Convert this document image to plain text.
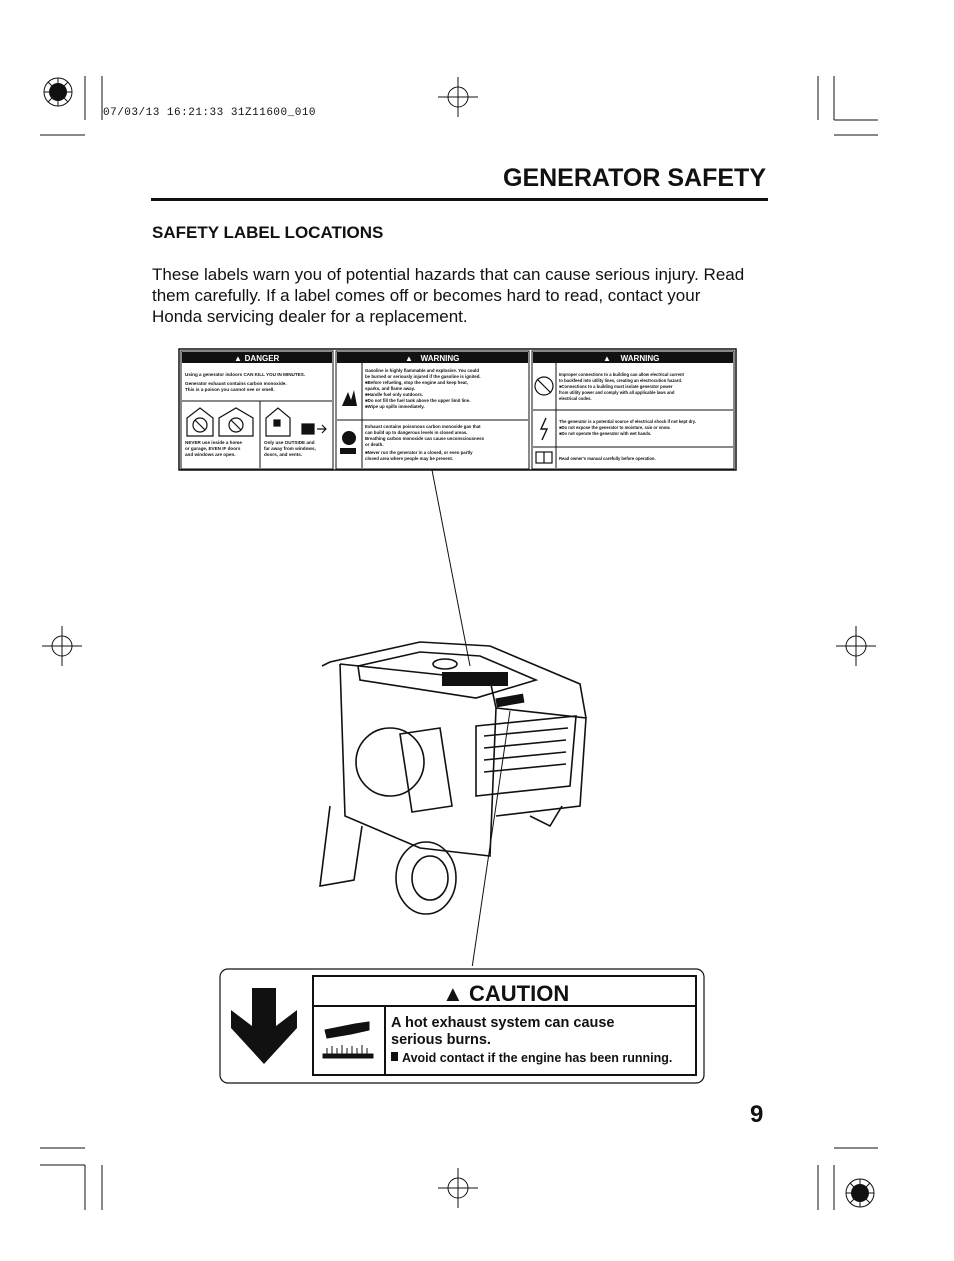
07/03/13 16:21:33 31Z11600_010
GENERATOR SAFETY
SAFETY LABEL LOCATIONS
These labels warn you of potential hazards that can cause serious injury. Read them carefully. If a label comes off or becomes hard to read, contact your Honda servicing dealer for a replacement.
DANGER
▲
Using a generator indoors CAN KILL YOU IN MINUTES.
Generator exhaust contains carbon monoxide.
This is a poison you cannot see or smell.
NEVER use inside a home
or garage, EVEN IF doors
and windows are open.
Only use OUTSIDE and
far away from windows,
doors, and vents.
▲ WARNING
Gasoline is highly flammable and explosive. You could
be burned or seriously injured if the gasoline is ignited.
■Before refueling, stop the engine and keep heat,
sparks, and flame away.
■Handle fuel only outdoors.
■Do not fill the fuel tank above the upper limit line.
■Wipe up spills immediately.
Exhaust contains poisonous carbon monoxide gas that
can build up to dangerous levels in closed areas.
Breathing carbon monoxide can cause unconsciousness
or death.
■Never run the generator in a closed, or even partly
closed area where people may be present.
▲ WARNING
Improper connections to a building can allow electrical current
to backfeed into utility lines, creating an electrocution hazard.
■Connections to a building must isolate generator power
from utility power and comply with all applicable laws and
electrical codes.
The generator is a potential source of electrical shock if not kept dry.
■Do not expose the generator to moisture, rain or snow.
■Do not operate the generator with wet hands.
Read owner's manual carefully before operation.
▲ CAUTION
A hot exhaust system can cause
serious burns.
Avoid contact if the engine has been running.
9
